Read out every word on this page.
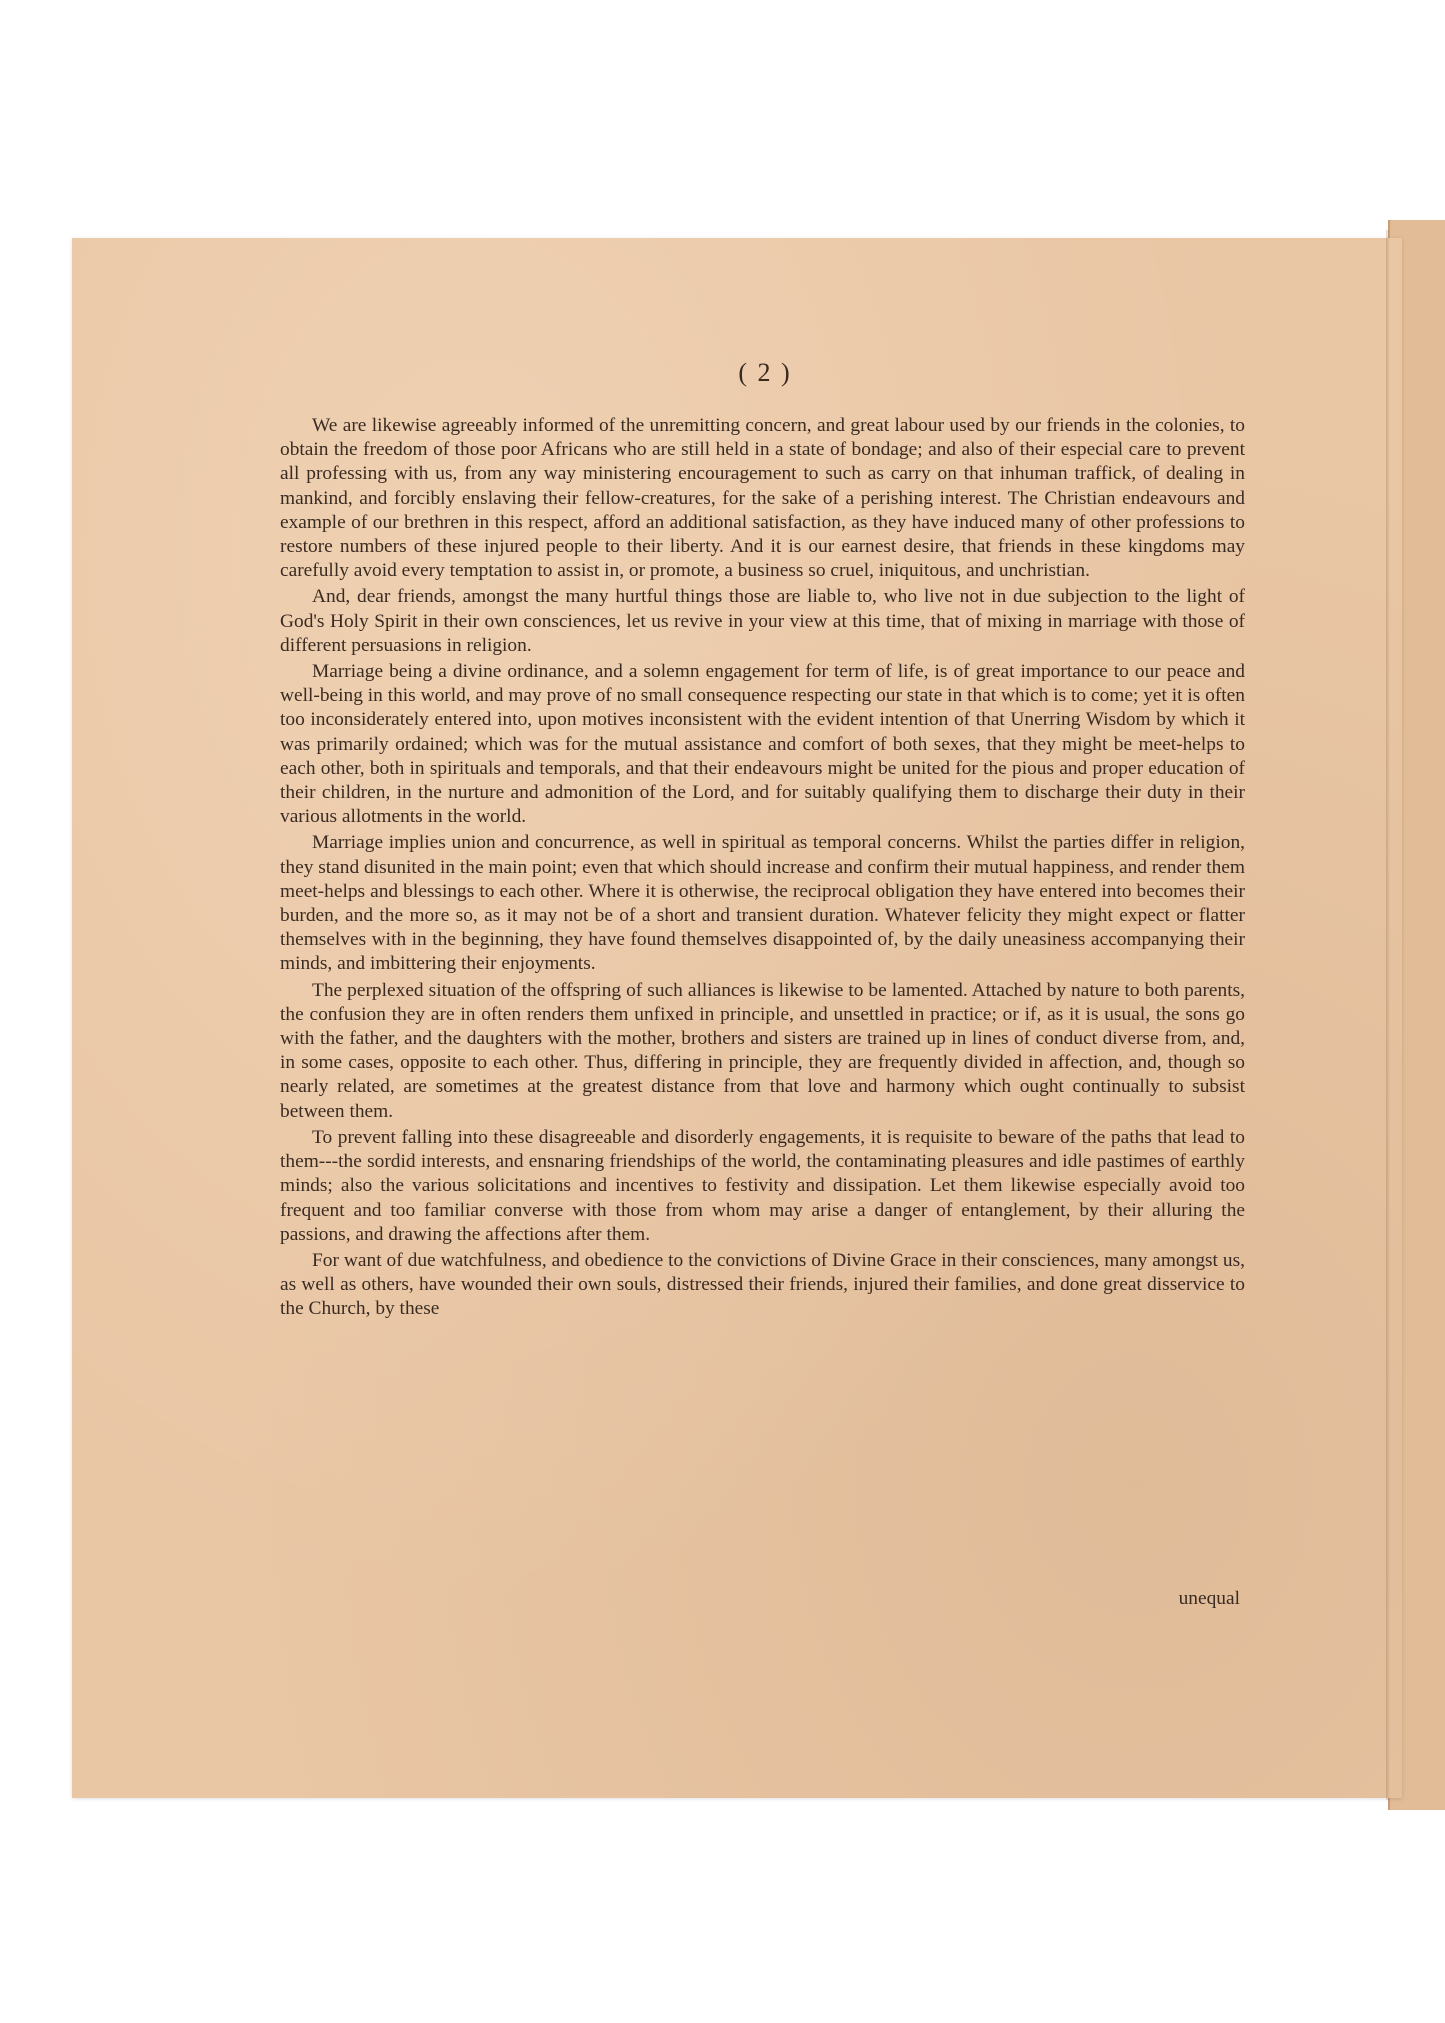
( 2 )

We are likewise agreeably informed of the unremitting concern, and great labour used by our friends in the colonies, to obtain the freedom of those poor Africans who are still held in a state of bondage; and also of their especial care to prevent all professing with us, from any way ministering encouragement to such as carry on that inhuman traffick, of dealing in mankind, and forcibly enslaving their fellow-creatures, for the sake of a perishing interest. The Christian endeavours and example of our brethren in this respect, afford an additional satisfaction, as they have induced many of other professions to restore numbers of these injured people to their liberty. And it is our earnest desire, that friends in these kingdoms may carefully avoid every temptation to assist in, or promote, a business so cruel, iniquitous, and unchristian.

And, dear friends, amongst the many hurtful things those are liable to, who live not in due subjection to the light of God's Holy Spirit in their own consciences, let us revive in your view at this time, that of mixing in marriage with those of different persuasions in religion.

Marriage being a divine ordinance, and a solemn engagement for term of life, is of great importance to our peace and well-being in this world, and may prove of no small consequence respecting our state in that which is to come; yet it is often too inconsiderately entered into, upon motives inconsistent with the evident intention of that Unerring Wisdom by which it was primarily ordained; which was for the mutual assistance and comfort of both sexes, that they might be meet-helps to each other, both in spirituals and temporals, and that their endeavours might be united for the pious and proper education of their children, in the nurture and admonition of the Lord, and for suitably qualifying them to discharge their duty in their various allotments in the world.

Marriage implies union and concurrence, as well in spiritual as temporal concerns. Whilst the parties differ in religion, they stand disunited in the main point; even that which should increase and confirm their mutual happiness, and render them meet-helps and blessings to each other. Where it is otherwise, the reciprocal obligation they have entered into becomes their burden, and the more so, as it may not be of a short and transient duration. Whatever felicity they might expect or flatter themselves with in the beginning, they have found themselves disappointed of, by the daily uneasiness accompanying their minds, and imbittering their enjoyments.

The perplexed situation of the offspring of such alliances is likewise to be lamented. Attached by nature to both parents, the confusion they are in often renders them unfixed in principle, and unsettled in practice; or if, as it is usual, the sons go with the father, and the daughters with the mother, brothers and sisters are trained up in lines of conduct diverse from, and, in some cases, opposite to each other. Thus, differing in principle, they are frequently divided in affection, and, though so nearly related, are sometimes at the greatest distance from that love and harmony which ought continually to subsist between them.

To prevent falling into these disagreeable and disorderly engagements, it is requisite to beware of the paths that lead to them---the sordid interests, and ensnaring friendships of the world, the contaminating pleasures and idle pastimes of earthly minds; also the various solicitations and incentives to festivity and dissipation. Let them likewise especially avoid too frequent and too familiar converse with those from whom may arise a danger of entanglement, by their alluring the passions, and drawing the affections after them.

For want of due watchfulness, and obedience to the convictions of Divine Grace in their consciences, many amongst us, as well as others, have wounded their own souls, distressed their friends, injured their families, and done great disservice to the Church, by these

unequal
